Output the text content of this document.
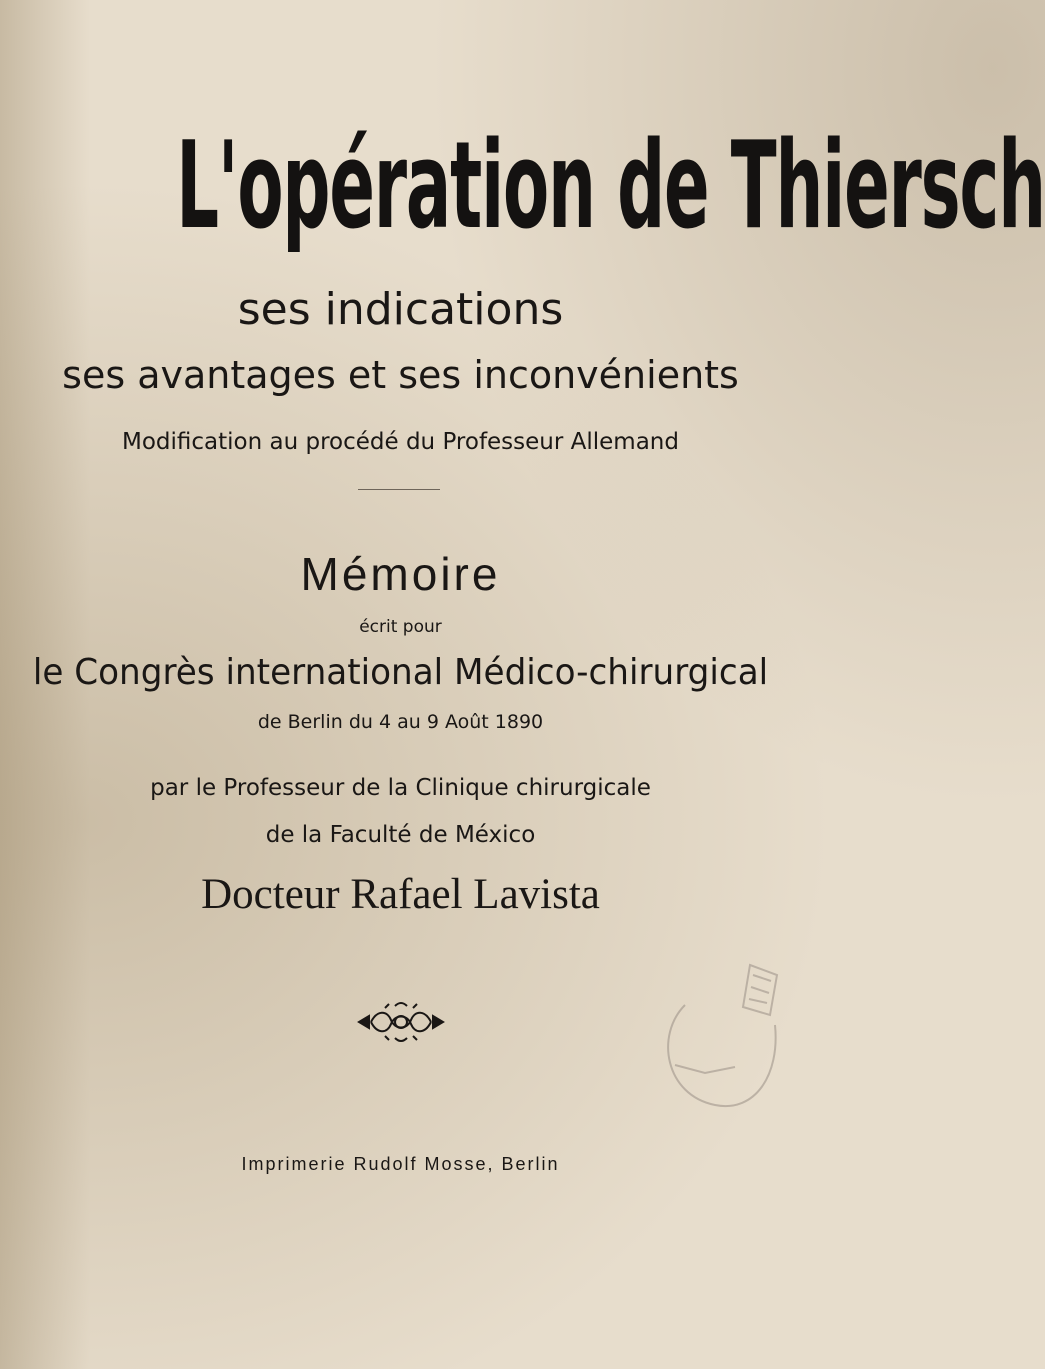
L'opération de Thiersch
ses indications
ses avantages et ses inconvénients
Modification au procédé du Professeur Allemand
Mémoire
écrit pour
le Congrès international Médico-chirurgical
de Berlin du 4 au 9 Août 1890
par le Professeur de la Clinique chirurgicale
de la Faculté de México
Docteur Rafael Lavista
Imprimerie Rudolf Mosse, Berlin
